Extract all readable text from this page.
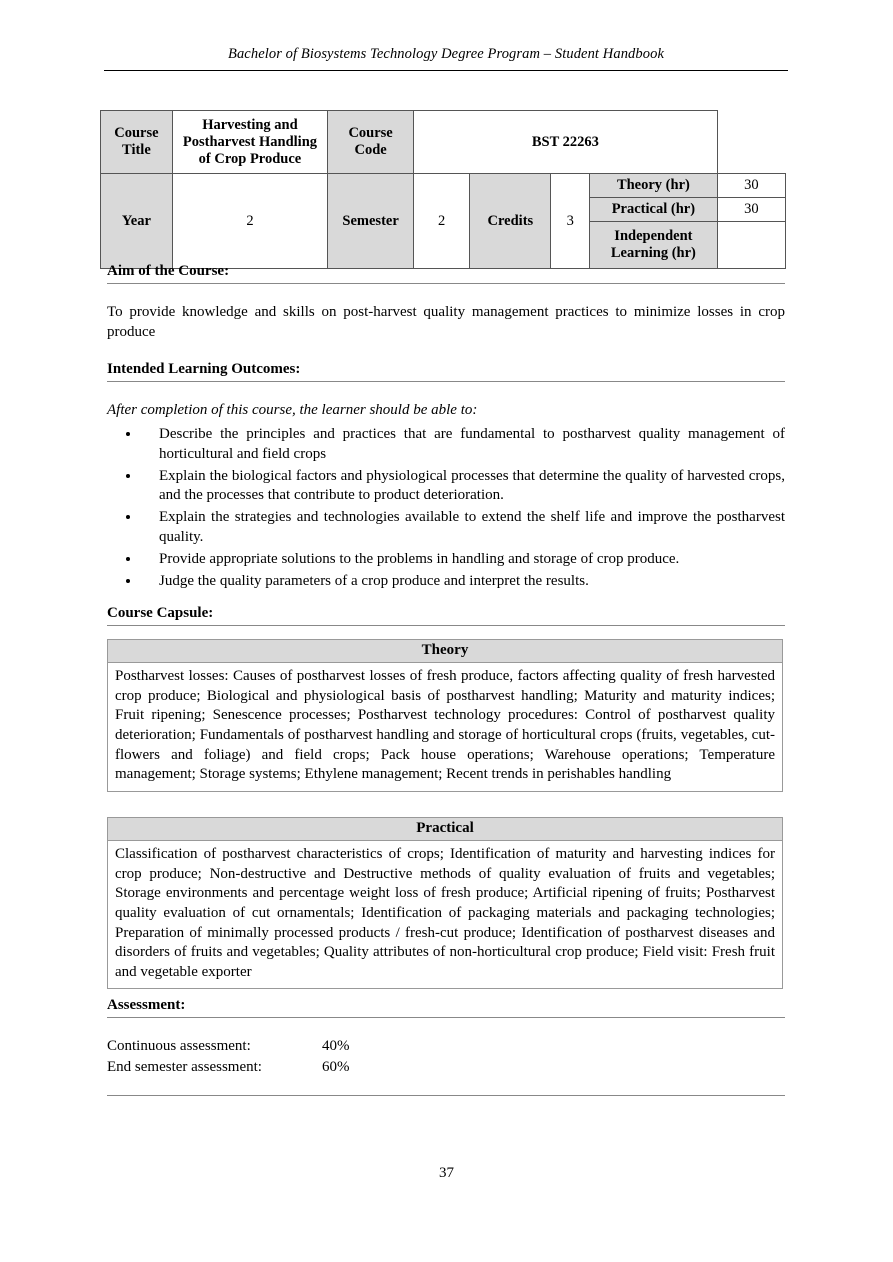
Bachelor of Biosystems Technology Degree Program – Student Handbook
Course Title	Harvesting and Postharvest Handling of Crop Produce	Course Code	BST 22263				
Year	2	Semester	2	Credits	3	Theory (hr)	30
						Practical (hr)	30
						Independent Learning (hr)	
Aim of the Course:
To provide knowledge and skills on post-harvest quality management practices to minimize losses in crop produce
Intended Learning Outcomes:
After completion of this course, the learner should be able to:
• Describe the principles and practices that are fundamental to postharvest quality management of horticultural and field crops
• Explain the biological factors and physiological processes that determine the quality of harvested crops, and the processes that contribute to product deterioration.
• Explain the strategies and technologies available to extend the shelf life and improve the postharvest quality.
• Provide appropriate solutions to the problems in handling and storage of crop produce.
• Judge the quality parameters of a crop produce and interpret the results.
Course Capsule:
Theory
Postharvest losses: Causes of postharvest losses of fresh produce, factors affecting quality of fresh harvested crop produce; Biological and physiological basis of postharvest handling; Maturity and maturity indices; Fruit ripening; Senescence processes; Postharvest technology procedures: Control of postharvest quality deterioration; Fundamentals of postharvest handling and storage of horticultural crops (fruits, vegetables, cut-flowers and foliage) and field crops; Pack house operations; Warehouse operations; Temperature management; Storage systems; Ethylene management; Recent trends in perishables handling
Practical
Classification of postharvest characteristics of crops; Identification of maturity and harvesting indices for crop produce; Non-destructive and Destructive methods of quality evaluation of fruits and vegetables; Storage environments and percentage weight loss of fresh produce; Artificial ripening of fruits; Postharvest quality evaluation of cut ornamentals; Identification of packaging materials and packaging technologies; Preparation of minimally processed products / fresh-cut produce; Identification of postharvest diseases and disorders of fruits and vegetables; Quality attributes of non-horticultural crop produce; Field visit: Fresh fruit and vegetable exporter
Assessment:
Continuous assessment:	40%
End semester assessment:	60%
37
